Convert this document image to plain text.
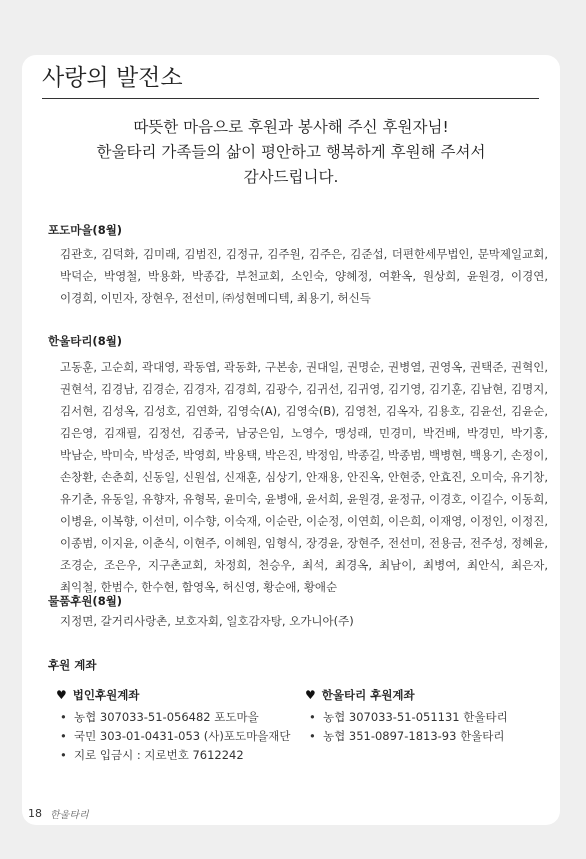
사랑의 발전소
따뜻한 마음으로 후원과 봉사해 주신 후원자님!
한울타리 가족들의 삶이 평안하고 행복하게 후원해 주셔서
감사드립니다.
포도마을(8월)
김관호, 김덕화, 김미래, 김범진, 김정규, 김주원, 김주은, 김준섭, 더편한세무법인, 문막제일교회, 박덕순, 박영철, 박용화, 박종갑, 부천교회, 소인숙, 양혜정, 여환옥, 원상희, 윤원경, 이경연, 이경희, 이민자, 장현우, 전선미, ㈜성현메디텍, 최용기, 허신득
한울타리(8월)
고동훈, 고순희, 곽대영, 곽동엽, 곽동화, 구본송, 권대일, 권명순, 권병열, 권영옥, 권택준, 권혁인, 권현석, 김경남, 김경순, 김경자, 김경희, 김광수, 김귀선, 김귀영, 김기영, 김기훈, 김남현, 김명지, 김서현, 김성옥, 김성호, 김연화, 김영숙(A), 김영숙(B), 김영천, 김옥자, 김용호, 김윤선, 김윤순, 김은영, 김재필, 김정선, 김종국, 남궁은임, 노영수, 맹성래, 민경미, 박건배, 박경민, 박기홍, 박남순, 박미숙, 박성준, 박영희, 박용택, 박은진, 박정임, 박종길, 박종범, 백병현, 백용기, 손정이, 손창환, 손춘희, 신동일, 신원섭, 신재훈, 심상기, 안재용, 안진옥, 안현중, 안효진, 오미숙, 유기창, 유기춘, 유동일, 유향자, 유형목, 윤미숙, 윤병애, 윤서희, 윤원경, 윤정규, 이경호, 이길수, 이동희, 이병윤, 이복향, 이선미, 이수향, 이숙재, 이순란, 이순정, 이연희, 이은희, 이재영, 이정인, 이정진, 이종범, 이지윤, 이춘식, 이현주, 이혜원, 임형식, 장경윤, 장현주, 전선미, 전용금, 전주성, 정혜윤, 조경순, 조은우, 지구촌교회, 차정희, 천승우, 최석, 최경옥, 최남이, 최병여, 최안식, 최은자, 최익철, 한범수, 한수현, 함영옥, 허신영, 황순애, 황애순
물품후원(8월)
지정면, 갈거리사랑촌, 보호자회, 일호감자탕, 오가니아(주)
후원 계좌
♥ 법인후원계좌
• 농협 307033-51-056482 포도마을
• 국민 303-01-0431-053 (사)포도마을재단
• 지로 입금시 : 지로번호 7612242
♥ 한울타리 후원계좌
• 농협 307033-51-051131 한울타리
• 농협 351-0897-1813-93 한울타리
18 한울타리
